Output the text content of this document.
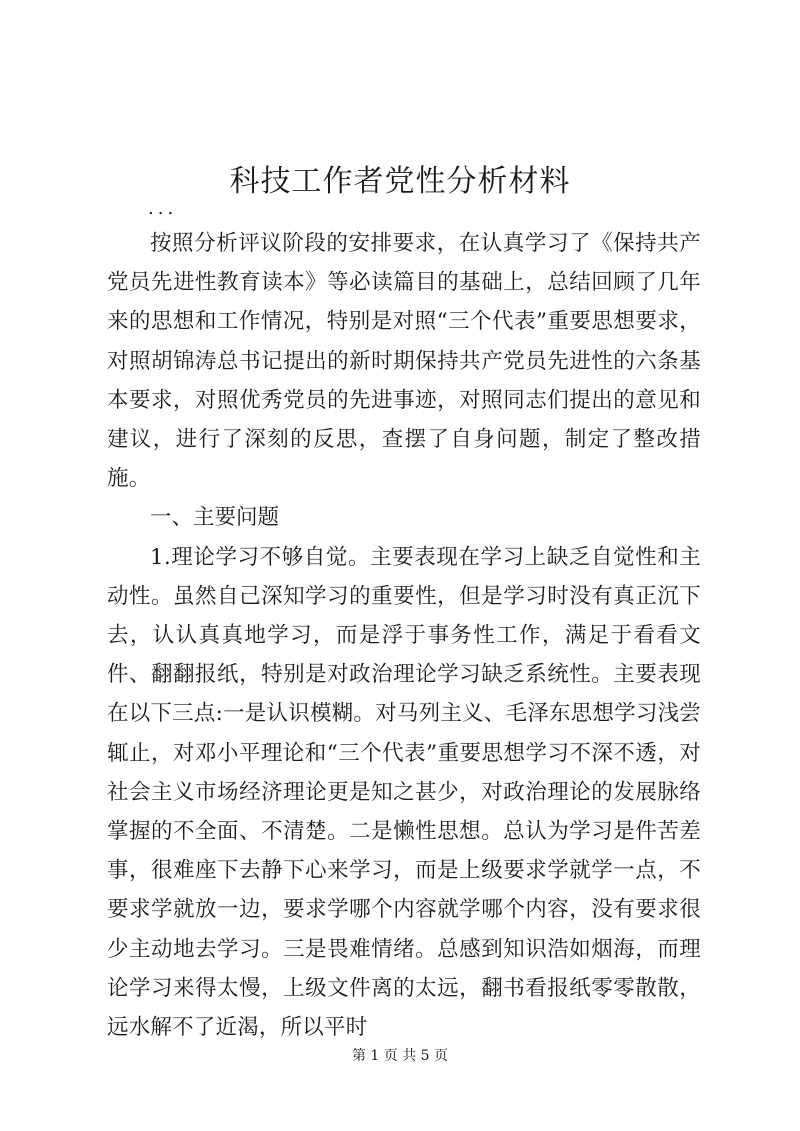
科技工作者党性分析材料
...

按照分析评议阶段的安排要求，在认真学习了《保持共产党员先进性教育读本》等必读篇目的基础上，总结回顾了几年来的思想和工作情况，特别是对照“三个代表”重要思想要求，对照胡锦涛总书记提出的新时期保持共产党员先进性的六条基本要求，对照优秀党员的先进事迹，对照同志们提出的意见和建议，进行了深刻的反思，查摆了自身问题，制定了整改措施。

一、主要问题

1.理论学习不够自觉。主要表现在学习上缺乏自觉性和主动性。虽然自己深知学习的重要性，但是学习时没有真正沉下去，认认真真地学习，而是浮于事务性工作，满足于看看文件、翻翻报纸，特别是对政治理论学习缺乏系统性。主要表现在以下三点:一是认识模糊。对马列主义、毛泽东思想学习浅尝辄止，对邓小平理论和“三个代表”重要思想学习不深不透，对社会主义市场经济理论更是知之甚少，对政治理论的发展脉络掌握的不全面、不清楚。二是懒性思想。总认为学习是件苦差事，很难座下去静下心来学习，而是上级要求学就学一点，不要求学就放一边，要求学哪个内容就学哪个内容，没有要求很少主动地去学习。三是畏难情绪。总感到知识浩如烟海，而理论学习来得太慢，上级文件离的太远，翻书看报纸零零散散，远水解不了近渴，所以平时

第 1 页 共 5 页
